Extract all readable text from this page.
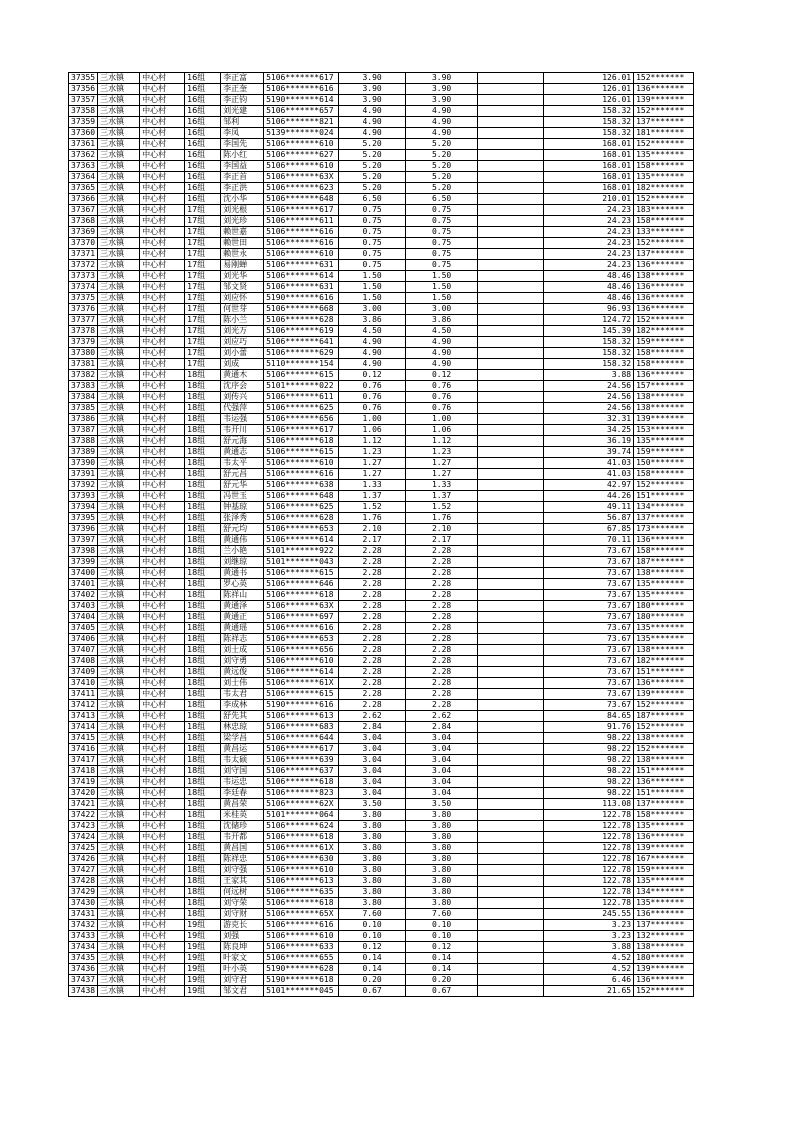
37355	三水镇	中心村	16组	李正富	5106*******617	3.90	3.90		126.01	152*******
37356	三水镇	中心村	16组	李正奎	5106*******616	3.90	3.90		126.01	136*******
37357	三水镇	中心村	16组	李正钧	5190*******614	3.90	3.90		126.01	139*******
37358	三水镇	中心村	16组	刘光建	5106*******657	4.90	4.90		158.32	152*******
37359	三水镇	中心村	16组	邹利	5106*******821	4.90	4.90		158.32	137*******
37360	三水镇	中心村	16组	李凤	5139*******024	4.90	4.90		158.32	181*******
37361	三水镇	中心村	16组	李国先	5106*******610	5.20	5.20		168.01	152*******
37362	三水镇	中心村	16组	陈小红	5106*******627	5.20	5.20		168.01	135*******
37363	三水镇	中心村	16组	李国益	5106*******610	5.20	5.20		168.01	158*******
37364	三水镇	中心村	16组	李正首	5106*******63X	5.20	5.20		168.01	135*******
37365	三水镇	中心村	16组	李正洪	5106*******623	5.20	5.20		168.01	182*******
37366	三水镇	中心村	16组	沈小华	5106*******648	6.50	6.50		210.01	152*******
37367	三水镇	中心村	17组	刘光根	5106*******617	0.75	0.75		24.23	183*******
37368	三水镇	中心村	17组	刘光珍	5106*******611	0.75	0.75		24.23	158*******
37369	三水镇	中心村	17组	赖世嘉	5106*******616	0.75	0.75		24.23	133*******
37370	三水镇	中心村	17组	赖世田	5106*******616	0.75	0.75		24.23	152*******
37371	三水镇	中心村	17组	赖世永	5106*******610	0.75	0.75		24.23	137*******
37372	三水镇	中心村	17组	易刚蝉	5106*******631	0.75	0.75		24.23	136*******
37373	三水镇	中心村	17组	刘光华	5106*******614	1.50	1.50		48.46	138*******
37374	三水镇	中心村	17组	邹文贤	5106*******631	1.50	1.50		48.46	136*******
37375	三水镇	中心村	17组	刘应怀	5190*******616	1.50	1.50		48.46	136*******
37376	三水镇	中心村	17组	何世芽	5106*******668	3.00	3.00		96.93	136*******
37377	三水镇	中心村	17组	陈小兰	5106*******628	3.86	3.86		124.72	152*******
37378	三水镇	中心村	17组	刘光万	5106*******619	4.50	4.50		145.39	182*******
37379	三水镇	中心村	17组	刘应巧	5106*******641	4.90	4.90		158.32	159*******
37380	三水镇	中心村	17组	刘小蕾	5106*******629	4.90	4.90		158.32	158*******
37381	三水镇	中心村	17组	刘成	5110*******154	4.90	4.90		158.32	158*******
37382	三水镇	中心村	18组	黄通木	5106*******615	0.12	0.12		3.88	136*******
37383	三水镇	中心村	18组	沈序会	5101*******022	0.76	0.76		24.56	157*******
37384	三水镇	中心村	18组	刘传兴	5106*******611	0.76	0.76		24.56	138*******
37385	三水镇	中心村	18组	代强萍	5106*******625	0.76	0.76		24.56	138*******
37386	三水镇	中心村	18组	韦运强	5106*******656	1.00	1.00		32.31	139*******
37387	三水镇	中心村	18组	韦开川	5106*******617	1.06	1.06		34.25	153*******
37388	三水镇	中心村	18组	舒元海	5106*******618	1.12	1.12		36.19	135*******
37389	三水镇	中心村	18组	黄通志	5106*******615	1.23	1.23		39.74	159*******
37390	三水镇	中心村	18组	韦太平	5106*******610	1.27	1.27		41.03	150*******
37391	三水镇	中心村	18组	舒元昌	5106*******616	1.27	1.27		41.03	158*******
37392	三水镇	中心村	18组	舒元华	5106*******638	1.33	1.33		42.97	152*******
37393	三水镇	中心村	18组	冯世玉	5106*******648	1.37	1.37		44.26	151*******
37394	三水镇	中心村	18组	钟基琼	5106*******625	1.52	1.52		49.11	134*******
37395	三水镇	中心村	18组	张泽秀	5106*******628	1.76	1.76		56.87	137*******
37396	三水镇	中心村	18组	舒元均	5106*******653	2.10	2.10		67.85	173*******
37397	三水镇	中心村	18组	黄通伟	5106*******614	2.17	2.17		70.11	136*******
37398	三水镇	中心村	18组	兰小艳	5101*******922	2.28	2.28		73.67	158*******
37399	三水镇	中心村	18组	刘继琼	5101*******043	2.28	2.28		73.67	187*******
37400	三水镇	中心村	18组	黄通书	5106*******615	2.28	2.28		73.67	138*******
37401	三水镇	中心村	18组	罗心英	5106*******646	2.28	2.28		73.67	135*******
37402	三水镇	中心村	18组	陈祥山	5106*******618	2.28	2.28		73.67	135*******
37403	三水镇	中心村	18组	黄通泽	5106*******63X	2.28	2.28		73.67	180*******
37404	三水镇	中心村	18组	黄通正	5106*******697	2.28	2.28		73.67	180*******
37405	三水镇	中心村	18组	黄通瑶	5106*******616	2.28	2.28		73.67	135*******
37406	三水镇	中心村	18组	陈祥志	5106*******653	2.28	2.28		73.67	135*******
37407	三水镇	中心村	18组	刘士成	5106*******656	2.28	2.28		73.67	138*******
37408	三水镇	中心村	18组	刘守勇	5106*******610	2.28	2.28		73.67	182*******
37409	三水镇	中心村	18组	黄远俊	5106*******614	2.28	2.28		73.67	151*******
37410	三水镇	中心村	18组	刘士伟	5106*******61X	2.28	2.28		73.67	136*******
37411	三水镇	中心村	18组	韦太君	5106*******615	2.28	2.28		73.67	139*******
37412	三水镇	中心村	18组	李成林	5190*******616	2.28	2.28		73.67	152*******
37413	三水镇	中心村	18组	舒先其	5106*******613	2.62	2.62		84.65	187*******
37414	三水镇	中心村	18组	林忠琼	5106*******683	2.84	2.84		91.76	152*******
37415	三水镇	中心村	18组	梁学昌	5106*******644	3.04	3.04		98.22	138*******
37416	三水镇	中心村	18组	黄昌运	5106*******617	3.04	3.04		98.22	152*******
37417	三水镇	中心村	18组	韦太硕	5106*******639	3.04	3.04		98.22	138*******
37418	三水镇	中心村	18组	刘守国	5106*******637	3.04	3.04		98.22	151*******
37419	三水镇	中心村	18组	韦运忠	5106*******618	3.04	3.04		98.22	136*******
37420	三水镇	中心村	18组	李廷春	5106*******823	3.04	3.04		98.22	151*******
37421	三水镇	中心村	18组	黄昌荣	5106*******62X	3.50	3.50		113.08	137*******
37422	三水镇	中心村	18组	米桂英	5101*******064	3.80	3.80		122.78	158*******
37423	三水镇	中心村	18组	沈储珍	5106*******624	3.80	3.80		122.78	135*******
37424	三水镇	中心村	18组	韦开都	5106*******618	3.80	3.80		122.78	136*******
37425	三水镇	中心村	18组	黄昌国	5106*******61X	3.80	3.80		122.78	139*******
37426	三水镇	中心村	18组	陈祥忠	5106*******630	3.80	3.80		122.78	167*******
37427	三水镇	中心村	18组	刘守强	5106*******610	3.80	3.80		122.78	159*******
37428	三水镇	中心村	18组	王家其	5106*******613	3.80	3.80		122.78	135*******
37429	三水镇	中心村	18组	何远树	5106*******635	3.80	3.80		122.78	134*******
37430	三水镇	中心村	18组	刘守荣	5106*******618	3.80	3.80		122.78	135*******
37431	三水镇	中心村	18组	刘守财	5106*******65X	7.60	7.60		245.55	136*******
37432	三水镇	中心村	19组	游克长	5106*******616	0.10	0.10		3.23	137*******
37433	三水镇	中心村	19组	刘强	5106*******610	0.10	0.10		3.23	132*******
37434	三水镇	中心村	19组	陈良坤	5106*******633	0.12	0.12		3.88	138*******
37435	三水镇	中心村	19组	叶家文	5106*******655	0.14	0.14		4.52	180*******
37436	三水镇	中心村	19组	叶小英	5190*******628	0.14	0.14		4.52	139*******
37437	三水镇	中心村	19组	刘守君	5190*******618	0.20	0.20		6.46	136*******
37438	三水镇	中心村	19组	邹文君	5101*******045	0.67	0.67		21.65	152*******
